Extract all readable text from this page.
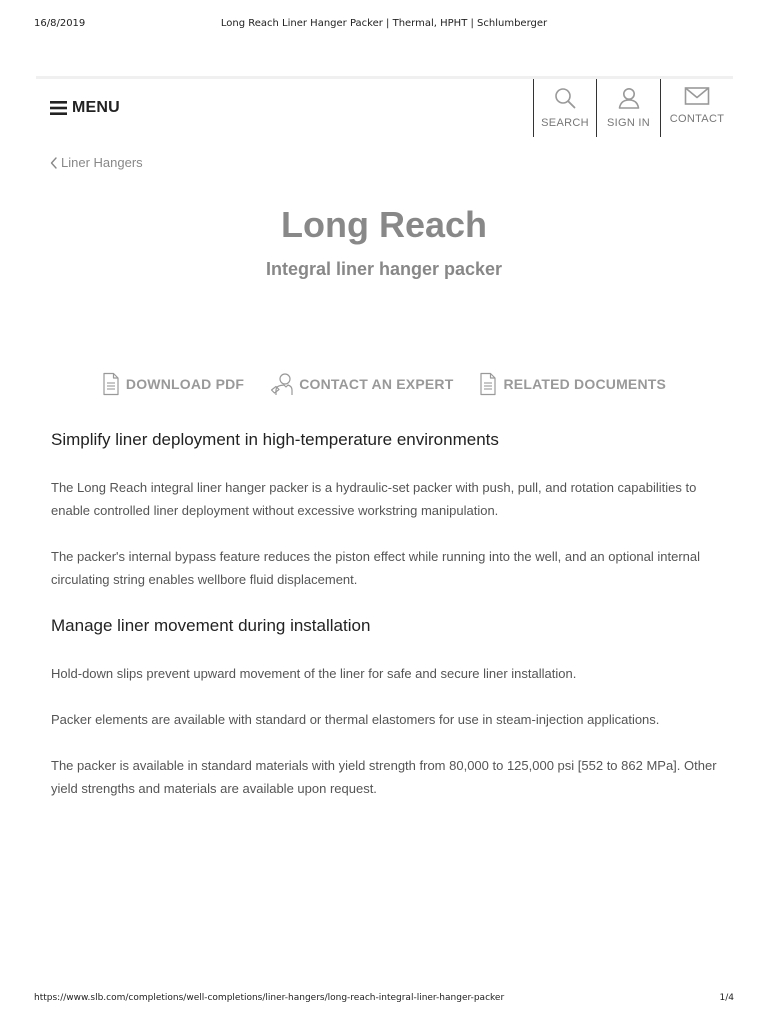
16/8/2019	Long Reach Liner Hanger Packer | Thermal, HPHT | Schlumberger
MENU
SEARCH SIGN IN CONTACT
Liner Hangers
Long Reach
Integral liner hanger packer
DOWNLOAD PDF	CONTACT AN EXPERT	RELATED DOCUMENTS
Simplify liner deployment in high-temperature environments

The Long Reach integral liner hanger packer is a hydraulic-set packer with push, pull, and rotation capabilities to enable controlled liner deployment without excessive workstring manipulation.

The packer's internal bypass feature reduces the piston effect while running into the well, and an optional internal circulating string enables wellbore fluid displacement.

Manage liner movement during installation

Hold-down slips prevent upward movement of the liner for safe and secure liner installation.

Packer elements are available with standard or thermal elastomers for use in steam-injection applications.

The packer is available in standard materials with yield strength from 80,000 to 125,000 psi [552 to 862 MPa]. Other yield strengths and materials are available upon request.

https://www.slb.com/completions/well-completions/liner-hangers/long-reach-integral-liner-hanger-packer	1/4
